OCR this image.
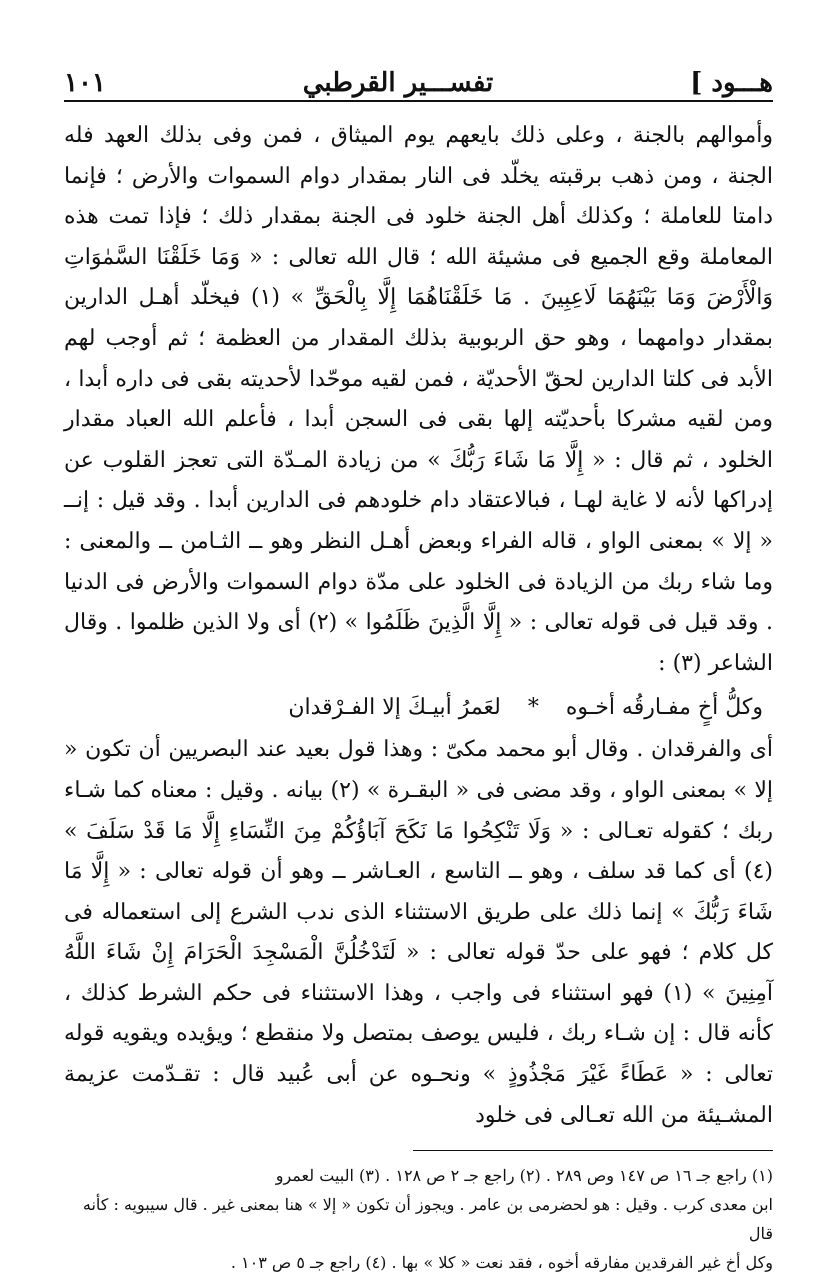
هـــود ]
تفســـير القرطبي
١٠١

وأموالهم بالجنة ، وعلى ذلك بايعهم يوم الميثاق ، فمن وفى بذلك العهد فله الجنة ، ومن ذهب برقبته يخلّد فى النار بمقدار دوام السموات والأرض ؛ فإنما دامتا للعاملة ؛ وكذلك أهل الجنة خلود فى الجنة بمقدار ذلك ؛ فإذا تمت هذه المعاملة وقع الجميع فى مشيئة الله ؛ قال الله تعالى : « وَمَا خَلَقْنَا السَّمٰوَاتِ وَالْأَرْضَ وَمَا بَيْنَهُمَا لَاعِبِينَ . مَا خَلَقْنَاهُمَا إِلَّا بِالْحَقِّ » (١) فيخلّد أهـل الدارين بمقدار دوامهما ، وهو حق الربوبية بذلك المقدار من العظمة ؛ ثم أوجب لهم الأبد فى كلتا الدارين لحقّ الأحديّة ، فمن لقيه موحّدا لأحديته بقى فى داره أبدا ، ومن لقيه مشركا بأحديّته إلها بقى فى السجن أبدا ، فأعلم الله العباد مقدار الخلود ، ثم قال : « إِلَّا مَا شَاءَ رَبُّكَ » من زيادة المـدّة التى تعجز القلوب عن إدراكها لأنه لا غاية لهـا ، فبالاعتقاد دام خلودهم فى الدارين أبدا . وقد قيل : إنــ « إلا » بمعنى الواو ، قاله الفراء وبعض أهـل النظر وهو ــ الثـامن ــ والمعنى : وما شاء ربك من الزيادة فى الخلود على مدّة دوام السموات والأرض فى الدنيا . وقد قيل فى قوله تعالى : « إِلَّا الَّذِينَ ظَلَمُوا » (٢) أى ولا الذين ظلموا . وقال الشاعر (٣) :

وكلُّ أخٍ مفـارقُه أخـوه * لعَمرُ أبيـكَ إلا الفـرْقدان

أى والفرقدان . وقال أبو محمد مكىّ : وهذا قول بعيد عند البصريين أن تكون « إلا » بمعنى الواو ، وقد مضى فى « البقـرة » (٢) بيانه . وقيل : معناه كما شـاء ربك ؛ كقوله تعـالى : « وَلَا تَنْكِحُوا مَا نَكَحَ آبَاؤُكُمْ مِنَ النِّسَاءِ إِلَّا مَا قَدْ سَلَفَ » (٤) أى كما قد سلف ، وهو ــ التاسع ، العـاشر ــ وهو أن قوله تعالى : « إِلَّا مَا شَاءَ رَبُّكَ » إنما ذلك على طريق الاستثناء الذى ندب الشرع إلى استعماله فى كل كلام ؛ فهو على حدّ قوله تعالى : « لَتَدْخُلُنَّ الْمَسْجِدَ الْحَرَامَ إِنْ شَاءَ اللَّهُ آمِنِينَ » (١) فهو استثناء فى واجب ، وهذا الاستثناء فى حكم الشرط كذلك ، كأنه قال : إن شـاء ربك ، فليس يوصف بمتصل ولا منقطع ؛ ويؤيده ويقويه قوله تعالى : « عَطَاءً غَيْرَ مَجْذُوذٍ » ونحـوه عن أبى عُبيد قال : تقـدّمت عزيمة المشـيئة من الله تعـالى فى خلود

(١) راجع جـ ١٦ ص ١٤٧ وص ٢٨٩ . (٢) راجع جـ ٢ ص ١٢٨ . (٣) البيت لعمرو

ابن معدى كرب . وقيل : هو لحضرمى بن عامر . ويجوز أن تكون « إلا » هنا بمعنى غير . قال سيبويه : كأنه قال

وكل أخ غير الفرقدين مفارقه أخوه ، فقد نعت « كلا » بها . (٤) راجع جـ ٥ ص ١٠٣ .
